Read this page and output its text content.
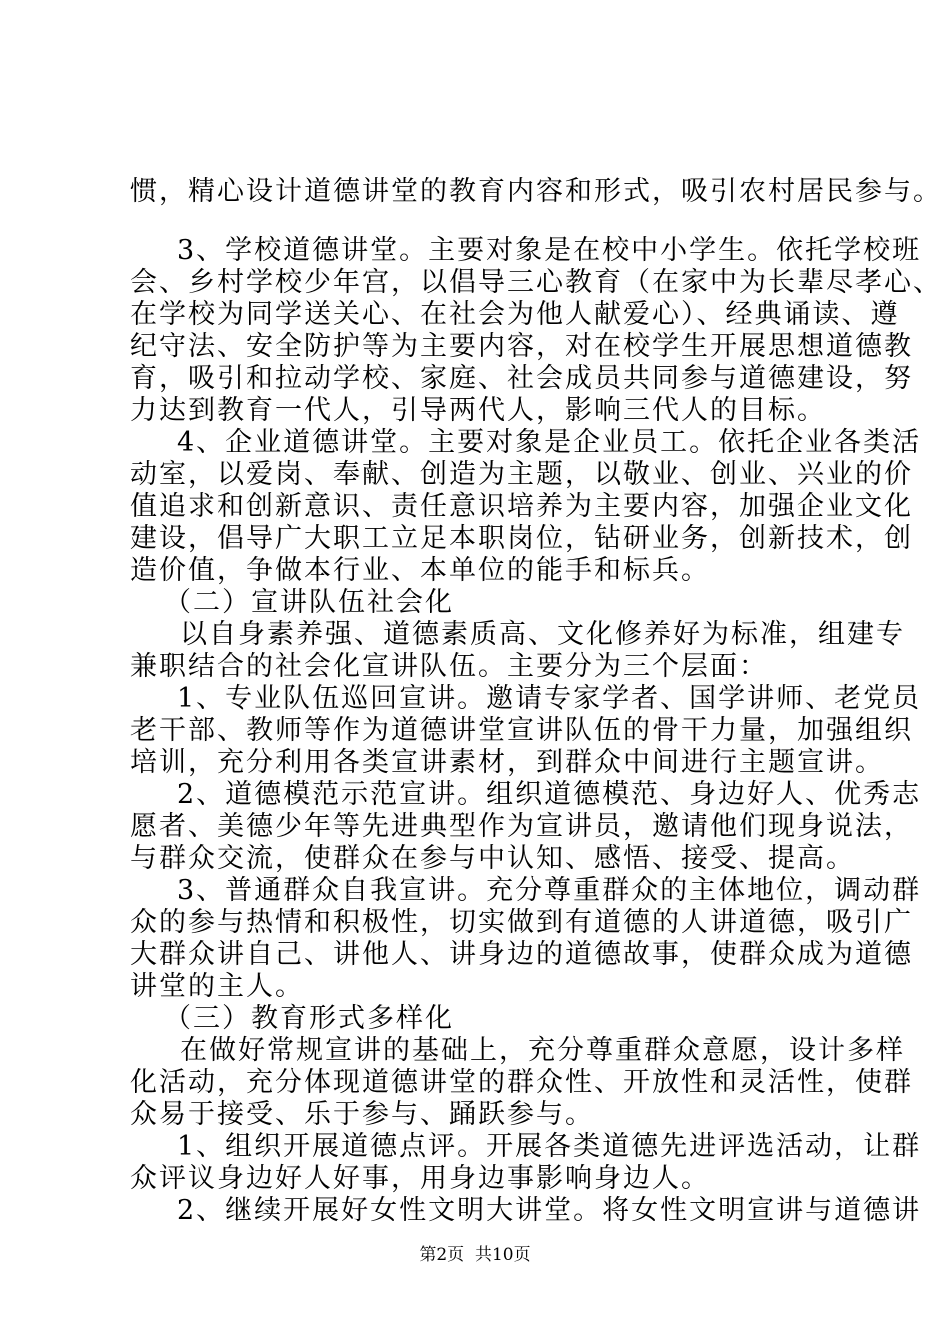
惯，精心设计道德讲堂的教育内容和形式，吸引农村居民参与。
3、学校道德讲堂。主要对象是在校中小学生。依托学校班
会、乡村学校少年宫，以倡导三心教育（在家中为长辈尽孝心、
在学校为同学送关心、在社会为他人献爱心）、经典诵读、遵
纪守法、安全防护等为主要内容，对在校学生开展思想道德教
育，吸引和拉动学校、家庭、社会成员共同参与道德建设，努
力达到教育一代人，引导两代人，影响三代人的目标。
4、企业道德讲堂。主要对象是企业员工。依托企业各类活
动室，以爱岗、奉献、创造为主题，以敬业、创业、兴业的价
值追求和创新意识、责任意识培养为主要内容，加强企业文化
建设，倡导广大职工立足本职岗位，钻研业务，创新技术，创
造价值，争做本行业、本单位的能手和标兵。
（二）宣讲队伍社会化
以自身素养强、道德素质高、文化修养好为标准，组建专
兼职结合的社会化宣讲队伍。主要分为三个层面：
1、专业队伍巡回宣讲。邀请专家学者、国学讲师、老党员
老干部、教师等作为道德讲堂宣讲队伍的骨干力量，加强组织
培训，充分利用各类宣讲素材，到群众中间进行主题宣讲。
2、道德模范示范宣讲。组织道德模范、身边好人、优秀志
愿者、美德少年等先进典型作为宣讲员，邀请他们现身说法，
与群众交流，使群众在参与中认知、感悟、接受、提高。
3、普通群众自我宣讲。充分尊重群众的主体地位，调动群
众的参与热情和积极性，切实做到有道德的人讲道德，吸引广
大群众讲自己、讲他人、讲身边的道德故事，使群众成为道德
讲堂的主人。
（三）教育形式多样化
在做好常规宣讲的基础上，充分尊重群众意愿，设计多样
化活动，充分体现道德讲堂的群众性、开放性和灵活性，使群
众易于接受、乐于参与、踊跃参与。
1、组织开展道德点评。开展各类道德先进评选活动，让群
众评议身边好人好事，用身边事影响身边人。
2、继续开展好女性文明大讲堂。将女性文明宣讲与道德讲
第2页  共10页
